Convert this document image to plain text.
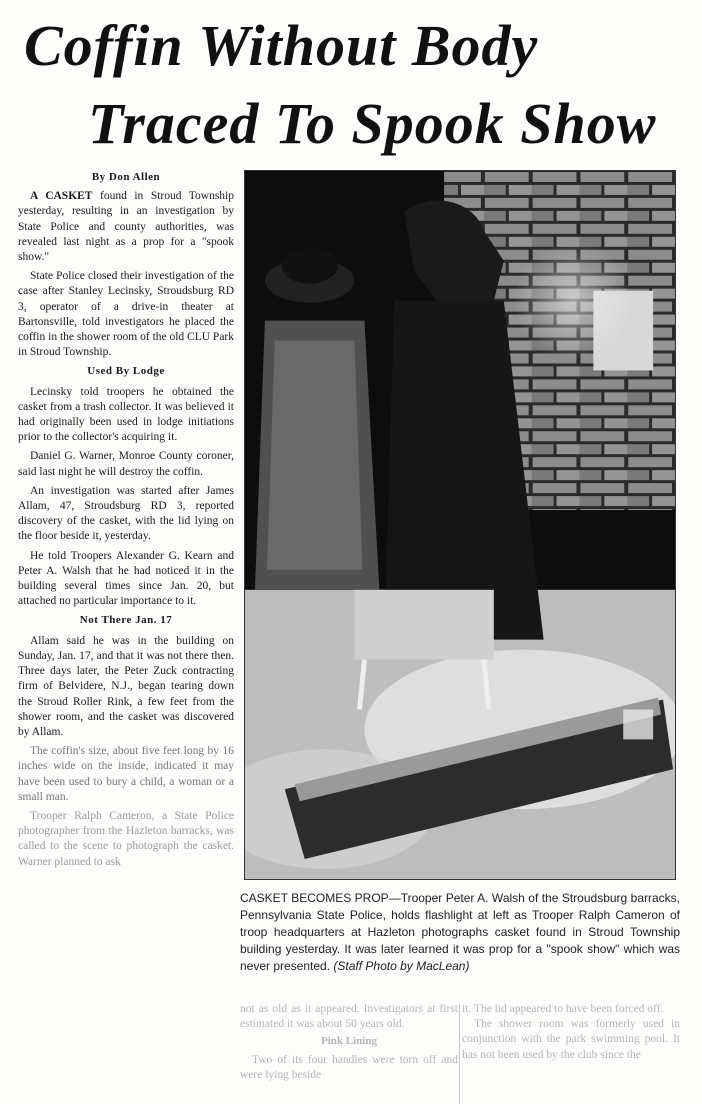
Coffin Without Body
Traced To Spook Show
By Don Allen

A CASKET found in Stroud Township yesterday, resulting in an investigation by State Police and county authorities, was revealed last night as a prop for a "spook show."

State Police closed their investigation of the case after Stanley Lecinsky, Stroudsburg RD 3, operator of a drive-in theater at Bartonsville, told investigators he placed the coffin in the shower room of the old CLU Park in Stroud Township.

Used By Lodge

Lecinsky told troopers he obtained the casket from a trash collector. It was believed it had originally been used in lodge initiations prior to the collector's acquiring it.

Daniel G. Warner, Monroe County coroner, said last night he will destroy the coffin.

An investigation was started after James Allam, 47, Stroudsburg RD 3, reported discovery of the casket, with the lid lying on the floor beside it, yesterday.

He told Troopers Alexander G. Kearn and Peter A. Walsh that he had noticed it in the building several times since Jan. 20, but attached no particular importance to it.

Not There Jan. 17

Allam said he was in the building on Sunday, Jan. 17, and that it was not there then. Three days later, the Peter Zuck contracting firm of Belvidere, N.J., began tearing down the Stroud Roller Rink, a few feet from the shower room, and the casket was discovered by Allam.

The coffin's size, about five feet long by 16 inches wide on the inside, indicated it may have been used to bury a child, a woman or a small man.

Trooper Ralph Cameron, a State Police photographer from the Hazleton barracks, was called to the scene to photograph the casket. Warner planned to ask

CASKET BECOMES PROP—Trooper Peter A. Walsh of the Stroudsburg barracks, Pennsylvania State Police, holds flashlight at left as Trooper Ralph Cameron of troop headquarters at Hazleton photographs casket found in Stroud Township building yesterday. It was later learned it was prop for a "spook show" which was never presented. (Staff Photo by MacLean)

not as old as it appeared. Investigators at first estimated it was about 50 years old.

Pink Lining

Two of its four handles were torn off and were lying beside

it. The lid appeared to have been forced off.

The shower room was formerly used in conjunction with the park swimming pool. It has not been used by the club since the
